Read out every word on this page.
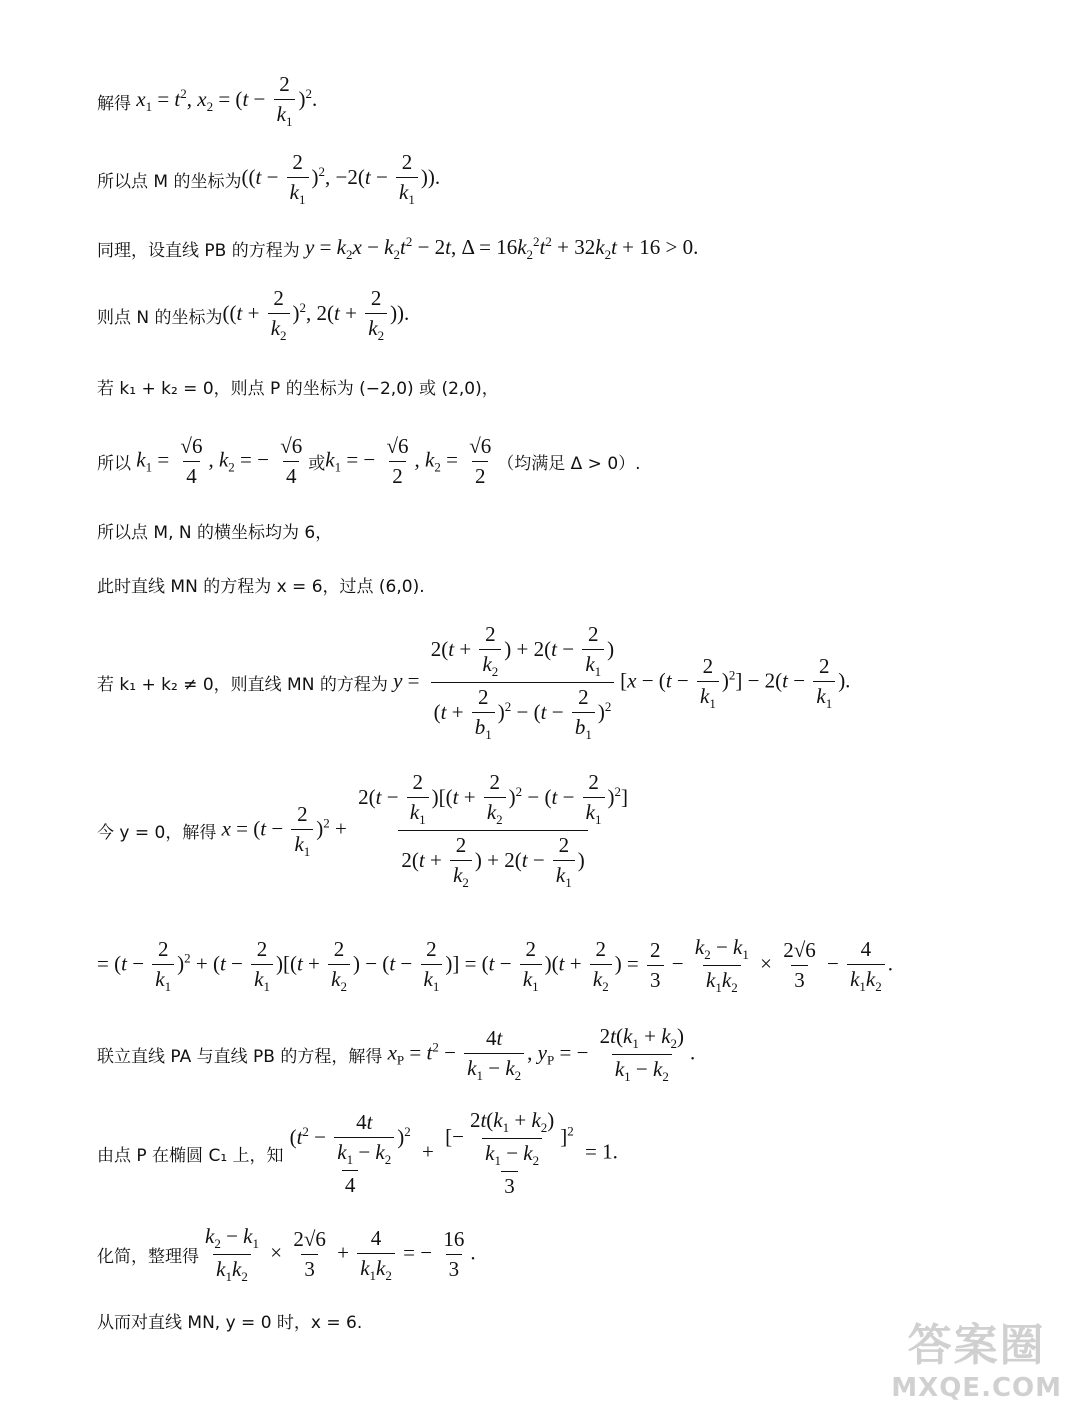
解得 $x_1 = t^2$, $x_2 = (t - \frac{2}{k_1} )^2$.
所以点 M 的坐标为 ($(t - \frac{2}{k_1} )^2$, $-2(t - \frac{2}{k_1}$ )).
同理，设直线 PB 的方程为 $y = k_2x - k_2t^2 - 2t$, $\Delta = 16k_2^2t^2 + 32k_2t + 16 > 0$.
则点 N 的坐标为 ($(t + \frac{2}{k_2} )^2$, $2(t + \frac{2}{k_2}$ )).
若 k₁ + k₂ = 0，则点 P 的坐标为 (−2,0) 或 (2,0)，
所以 $k_1 = \frac{√6}{4}$ , $k_2$ = − $\frac{√6}{4}$ 或 $k_1$ = − $\frac{√6}{2}$ , $k_2 = \frac{√6}{2}$ （均满足 Δ > 0）.
所以点 M, N 的横坐标均为 6，
此时直线 MN 的方程为 x = 6，过点 (6,0).
若 k₁ + k₂ ≠ 0，则直线 MN 的方程为 $y = \frac{2(t + \frac{2}{k_2} ) + 2(t - \frac{2}{k_1} )}{(t + \frac{2}{b_1} )^2 - (t - \frac{2}{b_1} )^2} [x - (t - \frac{2}{k_1} )^2] - 2(t - \frac{2}{k_1}$ ).
今 y = 0，解得 $x = (t - \frac{2}{k_1} )^2 + \frac{2(t - \frac{2}{k_1} )[(t + \frac{2}{k_2} )^2 - (t - \frac{2}{k_1} )^2]}{2(t + \frac{2}{k_2} ) + 2(t - \frac{2}{k_1} )}$
= $(t - \frac{2}{k_1} )^2 + (t - \frac{2}{k_1} )[(t + \frac{2}{k_2}$ ) − ($t - \frac{2}{k_1}$ )] = $(t - \frac{2}{k_1} )(t + \frac{2}{k_2}$ ) = $\frac{2}{3} - \frac{k_2 - k_1}{k_1k_2} \times \frac{2√6}{3} - \frac{4}{k_1k_2}$ .
联立直线 PA 与直线 PB 的方程，解得 $x_P = t^2 - \frac{4t}{k_1 - k_2}$ , $y_P$ = − $\frac{2t(k_1 + k_2)}{k_1 - k_2}$ .
由点 P 在椭圆 C₁ 上，知 $\frac{(t^2 - \frac{4t}{k_1 - k_2} )^2}{4} + \frac{[- \frac{2t(k_1 + k_2)}{k_1 - k_2} ]^2}{3} = 1$.
化简，整理得 $\frac{k_2 - k_1}{k_1k_2} \times \frac{2√6}{3} + \frac{4}{k_1k_2}$ = − $\frac{16}{3}$ .
从而对直线 MN, y = 0 时，x = 6.	答案圈
MXQE.COM
